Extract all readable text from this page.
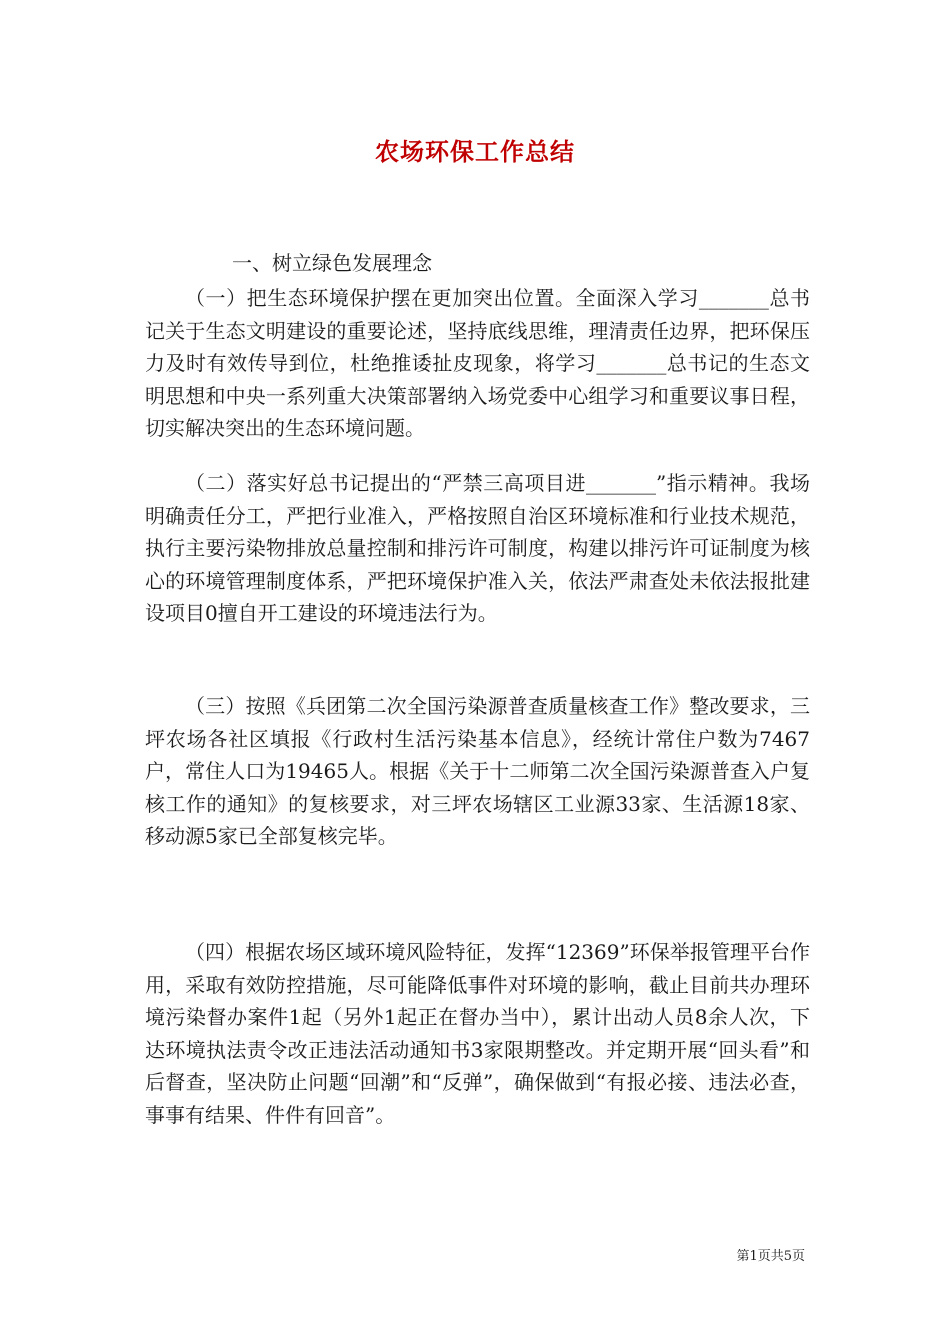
农场环保工作总结

一、树立绿色发展理念

（一）把生态环境保护摆在更加突出位置。全面深入学习_______总书记关于生态文明建设的重要论述，坚持底线思维，理清责任边界，把环保压力及时有效传导到位，杜绝推诿扯皮现象，将学习_______总书记的生态文明思想和中央一系列重大决策部署纳入场党委中心组学习和重要议事日程，切实解决突出的生态环境问题。

（二）落实好总书记提出的“严禁三高项目进_______”指示精神。我场明确责任分工，严把行业准入，严格按照自治区环境标准和行业技术规范，执行主要污染物排放总量控制和排污许可制度，构建以排污许可证制度为核心的环境管理制度体系，严把环境保护准入关，依法严肃查处未依法报批建设项目0擅自开工建设的环境违法行为。

（三）按照《兵团第二次全国污染源普查质量核查工作》整改要求，三坪农场各社区填报《行政村生活污染基本信息》，经统计常住户数为7467户，常住人口为19465人。根据《关于十二师第二次全国污染源普查入户复核工作的通知》的复核要求，对三坪农场辖区工业源33家、生活源18家、移动源5家已全部复核完毕。

（四）根据农场区域环境风险特征，发挥“12369”环保举报管理平台作用，采取有效防控措施，尽可能降低事件对环境的影响，截止目前共办理环境污染督办案件1起（另外1起正在督办当中），累计出动人员8余人次，下达环境执法责令改正违法活动通知书3家限期整改。并定期开展“回头看”和后督查，坚决防止问题“回潮”和“反弹”，确保做到“有报必接、违法必查，事事有结果、件件有回音”。

第1页共5页
